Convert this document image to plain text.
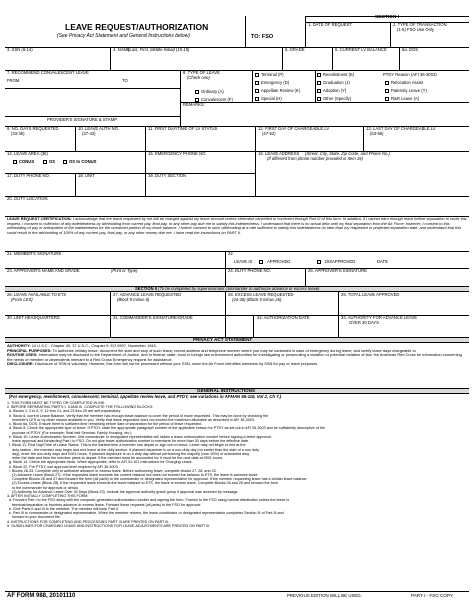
LEAVE REQUEST/AUTHORIZATION
(See Privacy Act Statement and General Instructions below)	TO: FSO
SECTION I
1. DATE OF REQUEST	2. TYPE OF TRANSACTION
(1-5) FSO Use Only
3. SSN (6-14)	4. NAME
(Last, First, Middle Initial) (15-19)	5. GRADE	6. CURRENT LV BALANCE	6a. DOS
7. RECOMMEND CONVALESCENT LEAVE
FROM	TO
PROVIDER'S SIGNATURE & STAMP
8. TYPE OF LEAVE
(Check one)
Ordinary (A)
Convalescent (F)
Terminal (P)
Emergency (D)
Appellate Review (K)
Special (H)
Reenlistment (E)
Graduation (J)
Adoption (Y)
Other (Specify)
PTDY Reason (AFI 36-3003)
Relocation Assist
Paternity Leave (Y)
R&R Leave (A)
REMARKS:
9. NO. DAYS REQUESTED
(33-35)
10. LEAVE AUTH NO.
(37-43)
11. FIRST DAY/TIME OF LV STATUS	12. FIRST DAY OF CHARGEABLE LV
(47-52)
13. LAST DAY OF CHARGEABLE LV
(53-58)
14. LEAVE AREA (36)
CONUS	OS	OS to CONUS
15. EMERGENCY PHONE NO.	16. LEAVE ADDRESS (Street, City, State, Zip Code, and Phone No.)
(If different from phone number provided in Item 15)
17. DUTY PHONE NO.	18. UNIT	19. DUTY SECTION
20. DUTY LOCATION
LEAVE REQUEST CERTIFICATION: I acknowledge that the leave requested by me will be charged against my leave account unless otherwise cancelled or corrected through Part III of this form. In addition, if I cannot earn enough leave before separation to cover this request, I consent to collection of any indebtedness by withholding from current pay, final pay, or any other pay due me to satisfy this indebtedness. I understand that there is no actual debt until my final separation from the Air Force; however, I consent to this withholding of pay in anticipation of the indebtedness for the unearned portion of my leave balance. I further consent to such withholding at a rate sufficient to satisfy this indebtedness no later than my requested or projected separation date, and understand that this could result in the withholding of 100% of any current pay, final pay, or any other money due me. I have read the instructions on PART II.
21. MEMBER'S SIGNATURE	22.
LEAVE IS	APPROVED	DISAPPROVED	DATE
23. APPROVER'S NAME AND GRADE	(Print or Type)	24. DUTY PHONE NO.	25. APPROVER'S SIGNATURE
SECTION II (To be completed by supervisor/unit commander to authorize advance or excess leave)
26. LEAVE AVAILABLE TO ETS
(From LES)
27. ADVANCE LEAVE REQUESTED
(Block 9 minus 6)
28. EXCESS LEAVE REQUESTED
(44-46) (Block 9 minus 26)
29. TOTAL LEAVE APPROVED
30. UNIT HEADQUARTERS	31. COMMANDER'S SIGNATURE/GRADE	32. AUTHORIZATION DATE	33. AUTHORITY FOR ADVANCE LEAVE
OVER 30 DAYS
PRIVACY ACT STATEMENT
AUTHORITY: 10 U.S.C., Chapter 40; 37 U.S.C., Chapter 9; EO 9397, November 1943.
PRINCIPAL PURPOSES: To authorize military leave, document the start and stop of such leave; record address and telephone number where you may be contacted in case of emergency during leave; and certify leave days chargeable to
ROUTINE USES: Information may be disclosed to the Department of Justice, and to federal, state, local or foreign law enforcement authorities for investigating or prosecuting a violation or potential violation of law; the American Red Cross for information concerning the needs of member or dependents relevant to a Red Cross Emergency request for assistance.
DISCLOSURE: Disclosure of SSN is voluntary. However, this form will not be processed without your SSN, since the Air Force identifies members by SSN for pay or leave purposes.
GENERAL INSTRUCTIONS
(For emergency, reenlistment, convalescent, terminal, appellate review leave, and PTDY, see variations in AFMAN 65-116, Vol 2, Ch 7.)
1. THIS FORM MUST BE TYPED OR COMPLETED IN INK.
2. BEFORE SEPARATING PARTS I, II AND III, COMPLETE THE FOLLOWING BLOCKS:
a. Blocks 1, 3 to 5, 9, 12 thru 21, and 23 thru 25 are self-explanatory.
b. Block 6, current Leave Balance. Verify that the member has enough leave balance to cover the period of leave requested. This may be done by checking the
member's LES or by other means available to you. Verify that leave requested does not exceed the maximum allowable as described in AFI 36-3003.
c. Block 6a, DOS. Ensure there is sufficient time remaining before date of separation for the period of leave requested.
d. Block 8. Check the appropriate type of leave. If PTDY, state the appropriate paragraph number of the applicable reason for PTDY as set out in AFI 36-3003 and be sufficiently descriptive of the
purpose of PTDY. (For example: Seat belt Seminar, Family Housing, etc.)
e. Block 10. Leave Authorization Number. Unit commander or designated representative will obtain a leave authorization number before signing a leave approval.
leave approval and forwarding Part I to FSO. Do not give leave authorization number to members for more than 30 days before the effective date.
f. Block 11. First Day/Time of Leave Status. This is the earliest time a member can depart or sign out on leave. Leave may not begin or end at the
duty station - the member may begin and end leave at the duty section. If planned departure is on a non-duty day (no earlier than the start of a non duty
day), enter the non-duty days and 0001 hours. If planned departure is on a duty day without performing the majority (over 50%) of scheduled duty,
enter the date and time the member plans to depart. If the member must be accounted for, it must be the next date at 0001 hours.
g. Block 14. Check the appropriate block. When appropriate, refer to AFI 31-101 Instructions for Charging Leave.
h. Block 22. For PTDY, use approval level required by AFI 36-3003.
i. Blocks 26-33. Complete only to authorize advance or excess leave. Before authorizing leave, complete blocks 27, 28, and 33.
(1) Advance Leave (Block 27). If the requested leave exceeds the current balance but does not exceed the balance to ETS, the leave is advance leave.
Complete Blocks 26 and 27 and forward the form (all parts) to the commander or designated representative for approval. If the member requesting leave has a civilian leave balance.
(2) Excess Leave (Block 28). If the requested leave exceeds the leave balance to ETS, the leave is excess leave. Complete Blocks 26 and 28 and forward the form
to the commander for approval or denial.
(3) Authority for Advance Leave Over 30 Days (Block 33). Include the approval authority grade group if approval was received by message.
3. AFTER INITIALLY COMPLETING THIS FORM:
a. Forward Part I to the FSO along with the computer-generated authorization number and signing the form. Furnish to the FSO using normal distribution unless the leave is
terminal/separation or involves advance or excess leave. Forward these requests (all parts) to the FSO for approval.
b. Give Parts II and III to the member. The member will keep Part II.
c. Part III to commander or designated representative. When the member returns, the leave coordinator or designated representative completes Section III of Part III and
forward to your document file.
4. INSTRUCTIONS FOR COMPLETING AND PROCESSING PART III ARE PRINTED ON PART III.
5. GUIDELINES FOR CHARGING LEAVE AND INSTRUCTIONS FOR LEAVE ADJUSTMENTS ARE PRINTED ON PART III.
AF FORM 988, 20101110	PREVIOUS EDITION WILL BE USED.	PART I - FSO COPY
